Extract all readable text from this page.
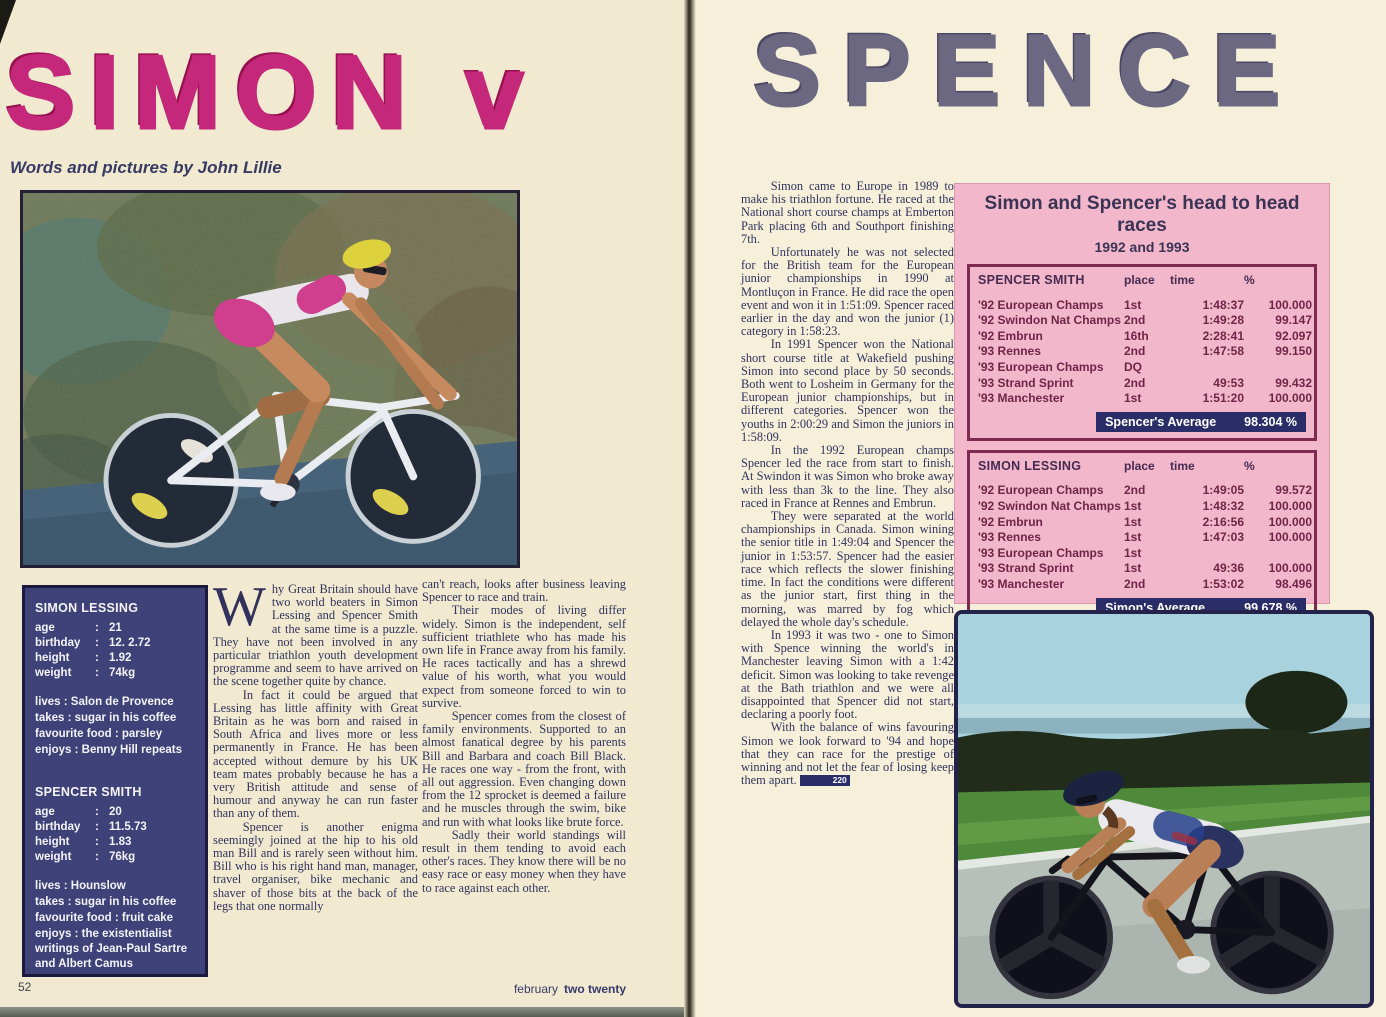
SIMON v
Words and pictures by John Lillie
SIMON LESSING
age	: 21
birthday	: 12. 2.72
height	: 1.92
weight	: 74kg
lives : Salon de Provence
takes : sugar in his coffee
favourite food : parsley
enjoys : Benny Hill repeats
SPENCER SMITH
age	: 20
birthday	: 11.5.73
height	: 1.83
weight	: 76kg
lives : Hounslow
takes : sugar in his coffee
favourite food : fruit cake
enjoys : the existentialist writings of Jean-Paul Sartre and Albert Camus

Why Great Britain should have two world beaters in Simon Lessing and Spencer Smith at the same time is a puzzle. They have not been involved in any particular triathlon youth development programme and seem to have arrived on the scene together quite by chance.

In fact it could be argued that Lessing has little affinity with Great Britain as he was born and raised in South Africa and lives more or less permanently in France. He has been accepted without demure by his UK team mates probably because he has a very British attitude and sense of humour and anyway he can run faster than any of them.

Spencer is another enigma seemingly joined at the hip to his old man Bill and is rarely seen without him. Bill who is his right hand man, manager, travel organiser, bike mechanic and shaver of those bits at the back of the legs that one normally

can't reach, looks after business leaving Spencer to race and train.

Their modes of living differ widely. Simon is the independent, self sufficient triathlete who has made his own life in France away from his family. He races tactically and has a shrewd value of his worth, what you would expect from someone forced to win to survive.

Spencer comes from the closest of family environments. Supported to an almost fanatical degree by his parents Bill and Barbara and coach Bill Black. He races one way - from the front, with all out aggression. Even changing down from the 12 sprocket is deemed a failure and he muscles through the swim, bike and run with what looks like brute force.

Sadly their world standings will result in them tending to avoid each other's races. They know there will be no easy race or easy money when they have to race against each other.

52	february two twenty
SPENCE

Simon came to Europe in 1989 to make his triathlon fortune. He raced at the National short course champs at Emberton Park placing 6th and Southport finishing 7th.

Unfortunately he was not selected for the British team for the European junior championships in 1990 at Montluçon in France. He did race the open event and won it in 1:51:09. Spencer raced earlier in the day and won the junior (1) category in 1:58:23.

In 1991 Spencer won the National short course title at Wakefield pushing Simon into second place by 50 seconds. Both went to Losheim in Germany for the European junior championships, but in different categories. Spencer won the youths in 2:00:29 and Simon the juniors in 1:58:09.

In the 1992 European champs Spencer led the race from start to finish. At Swindon it was Simon who broke away with less than 3k to the line. They also raced in France at Rennes and Embrun.

They were separated at the world championships in Canada. Simon wining the senior title in 1:49:04 and Spencer the junior in 1:53:57. Spencer had the easier race which reflects the slower finishing time. In fact the conditions were different as the junior start, first thing in the morning, was marred by fog which delayed the whole day's schedule.

In 1993 it was two - one to Simon with Spence winning the world's in Manchester leaving Simon with a 1:42 deficit. Simon was looking to take revenge at the Bath triathlon and we were all disappointed that Spencer did not start, declaring a poorly foot.

With the balance of wins favouring Simon we look forward to '94 and hope that they can race for the prestige of winning and not let the fear of losing keep them apart.	220

Simon and Spencer's head to head races
1992 and 1993
SPENCER SMITH	place	time	%
'92 European Champs	1st	1:48:37	100.000
'92 Swindon Nat Champs 2nd	1:49:28	99.147
'92 Embrun	16th	2:28:41	92.097
'93 Rennes	2nd	1:47:58	99.150
'93 European Champs	DQ
'93 Strand Sprint	2nd	49:53	99.432
'93 Manchester	1st	1:51:20	100.000
Spencer's Average 98.304 %
SIMON LESSING	place	time	%
'92 European Champs	2nd	1:49:05	99.572
'92 Swindon Nat Champs 1st	1:48:32	100.000
'92 Embrun	1st	2:16:56	100.000
'93 Rennes	1st	1:47:03	100.000
'93 European Champs	1st
'93 Strand Sprint	1st	49:36	100.000
'93 Manchester	2nd	1:53:02	98.496
Simon's Average	99.678 %
